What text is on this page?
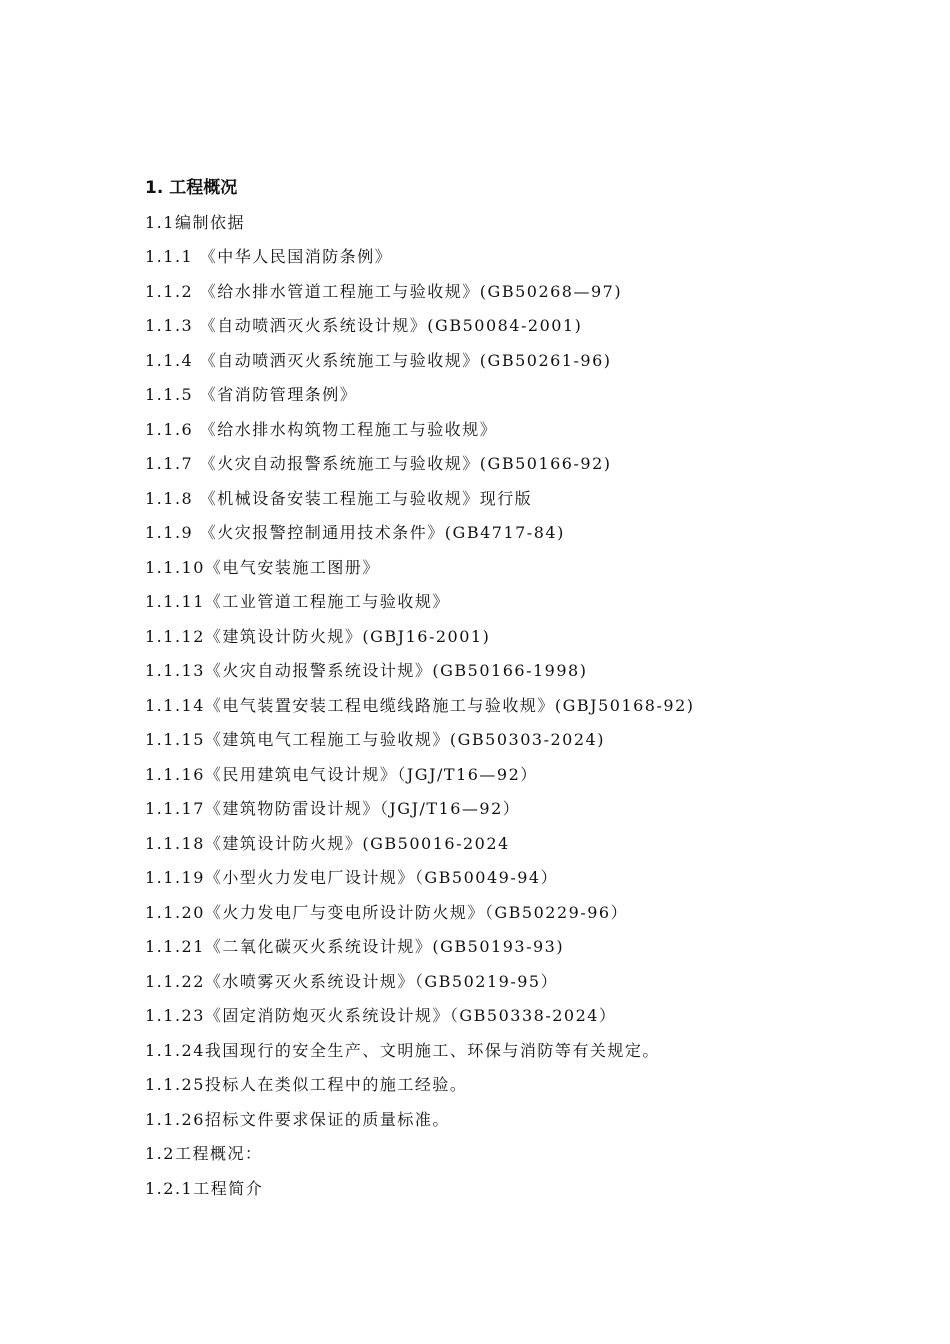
1. 工程概况
1.1编制依据
1.1.1 《中华人民国消防条例》
1.1.2 《给水排水管道工程施工与验收规》(GB50268—97)
1.1.3 《自动喷洒灭火系统设计规》(GB50084-2001)
1.1.4 《自动喷洒灭火系统施工与验收规》(GB50261-96)
1.1.5 《省消防管理条例》
1.1.6 《给水排水构筑物工程施工与验收规》
1.1.7 《火灾自动报警系统施工与验收规》(GB50166-92)
1.1.8 《机械设备安装工程施工与验收规》现行版
1.1.9 《火灾报警控制通用技术条件》(GB4717-84)
1.1.10《电气安装施工图册》
1.1.11《工业管道工程施工与验收规》
1.1.12《建筑设计防火规》(GBJ16-2001)
1.1.13《火灾自动报警系统设计规》(GB50166-1998)
1.1.14《电气装置安装工程电缆线路施工与验收规》(GBJ50168-92)
1.1.15《建筑电气工程施工与验收规》(GB50303-2024)
1.1.16《民用建筑电气设计规》（JGJ/T16—92）
1.1.17《建筑物防雷设计规》（JGJ/T16—92）
1.1.18《建筑设计防火规》(GB50016-2024
1.1.19《小型火力发电厂设计规》（GB50049-94）
1.1.20《火力发电厂与变电所设计防火规》（GB50229-96）
1.1.21《二氧化碳灭火系统设计规》(GB50193-93)
1.1.22《水喷雾灭火系统设计规》（GB50219-95）
1.1.23《固定消防炮灭火系统设计规》（GB50338-2024）
1.1.24我国现行的安全生产、文明施工、环保与消防等有关规定。
1.1.25投标人在类似工程中的施工经验。
1.1.26招标文件要求保证的质量标准。
1.2工程概况：
1.2.1工程简介
